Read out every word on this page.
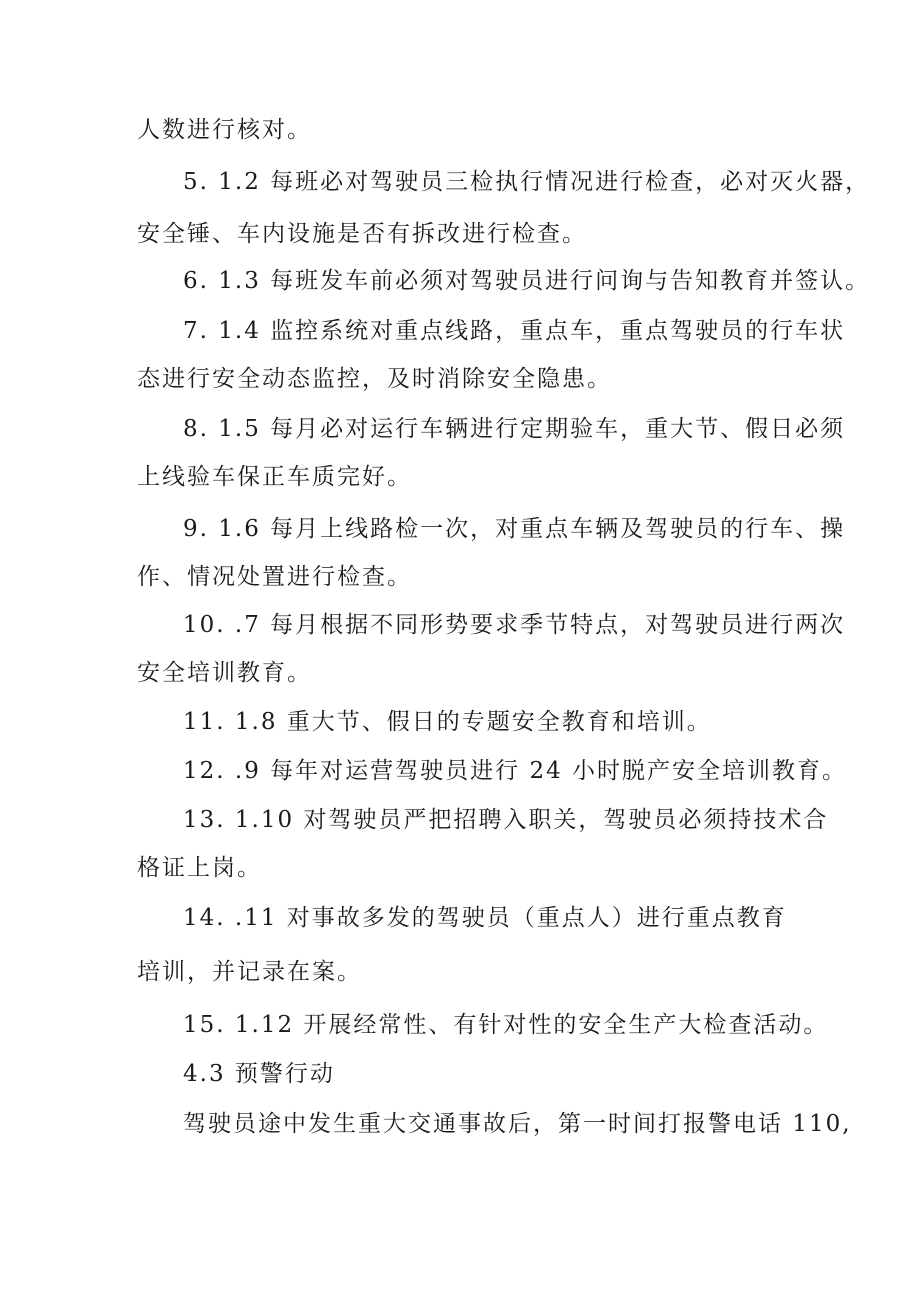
人数进行核对。
5. 1.2 每班必对驾驶员三检执行情况进行检查，必对灭火器，
安全锤、车内设施是否有拆改进行检查。
6. 1.3 每班发车前必须对驾驶员进行问询与告知教育并签认。
7. 1.4 监控系统对重点线路，重点车，重点驾驶员的行车状
态进行安全动态监控，及时消除安全隐患。
8. 1.5 每月必对运行车辆进行定期验车，重大节、假日必须
上线验车保正车质完好。
9. 1.6 每月上线路检一次，对重点车辆及驾驶员的行车、操
作、情况处置进行检查。
10. .7 每月根据不同形势要求季节特点，对驾驶员进行两次
安全培训教育。
11. 1.8 重大节、假日的专题安全教育和培训。
12. .9 每年对运营驾驶员进行 24 小时脱产安全培训教育。
13. 1.10 对驾驶员严把招聘入职关，驾驶员必须持技术合
格证上岗。
14. .11 对事故多发的驾驶员（重点人）进行重点教育
培训，并记录在案。
15. 1.12 开展经常性、有针对性的安全生产大检查活动。
4.3 预警行动
驾驶员途中发生重大交通事故后，第一时间打报警电话 110,
